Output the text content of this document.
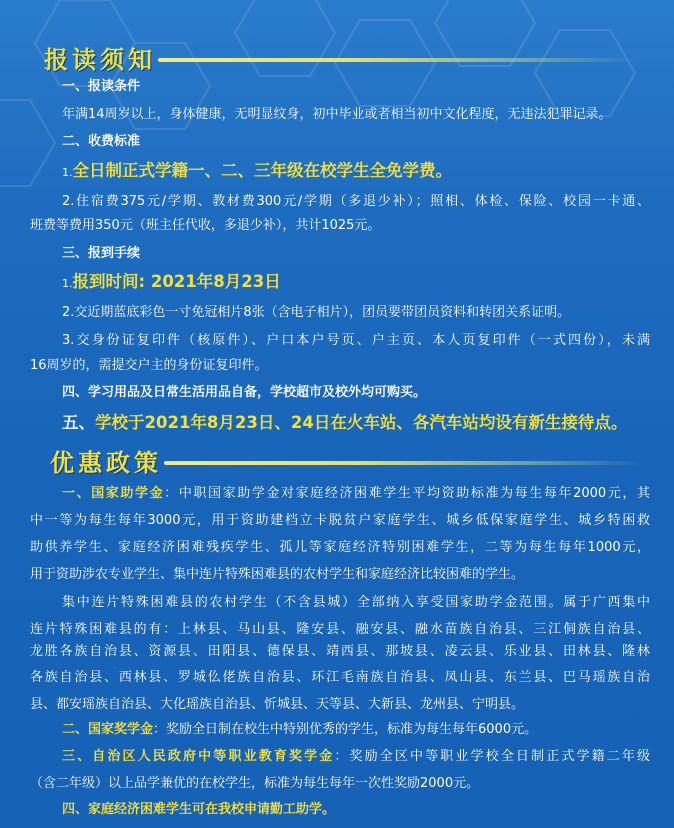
报读须知
一、报读条件
年满14周岁以上，身体健康，无明显纹身，初中毕业或者相当初中文化程度，无违法犯罪记录。
二、收费标准
1.全日制正式学籍一、二、三年级在校学生全免学费。
2.住宿费375元/学期、教材费300元/学期（多退少补）；照相、体检、保险、校园一卡通、
班费等费用350元（班主任代收，多退少补），共计1025元。
三、报到手续
1.报到时间: 2021年8月23日
2.交近期蓝底彩色一寸免冠相片8张（含电子相片），团员要带团员资料和转团关系证明。
3.交身份证复印件（核原件）、户口本户号页、户主页、本人页复印件（一式四份），未满
16周岁的，需提交户主的身份证复印件。
四、学习用品及日常生活用品自备，学校超市及校外均可购买。
五、学校于2021年8月23日、24日在火车站、各汽车站均设有新生接待点。
优惠政策
一、国家助学金：中职国家助学金对家庭经济困难学生平均资助标准为每生每年2000元，其
中一等为每生每年3000元，用于资助建档立卡脱贫户家庭学生、城乡低保家庭学生、城乡特困救
助供养学生、家庭经济困难残疾学生、孤儿等家庭经济特别困难学生，二等为每生每年1000元，
用于资助涉农专业学生、集中连片特殊困难县的农村学生和家庭经济比较困难的学生。
集中连片特殊困难县的农村学生（不含县城）全部纳入享受国家助学金范围。属于广西集中
连片特殊困难县的有：上林县、马山县、隆安县、融安县、融水苗族自治县、三江侗族自治县、
龙胜各族自治县、资源县、田阳县、德保县、靖西县、那坡县、凌云县、乐业县、田林县、隆林
各族自治县、西林县、罗城仫佬族自治县、环江毛南族自治县、凤山县、东兰县、巴马瑶族自治
县、都安瑶族自治县、大化瑶族自治县、忻城县、天等县、大新县、龙州县、宁明县。
二、国家奖学金：奖励全日制在校生中特别优秀的学生，标准为每生每年6000元。
三、自治区人民政府中等职业教育奖学金：奖励全区中等职业学校全日制正式学籍二年级
（含二年级）以上品学兼优的在校学生，标准为每生每年一次性奖励2000元。
四、家庭经济困难学生可在我校申请勤工助学。
